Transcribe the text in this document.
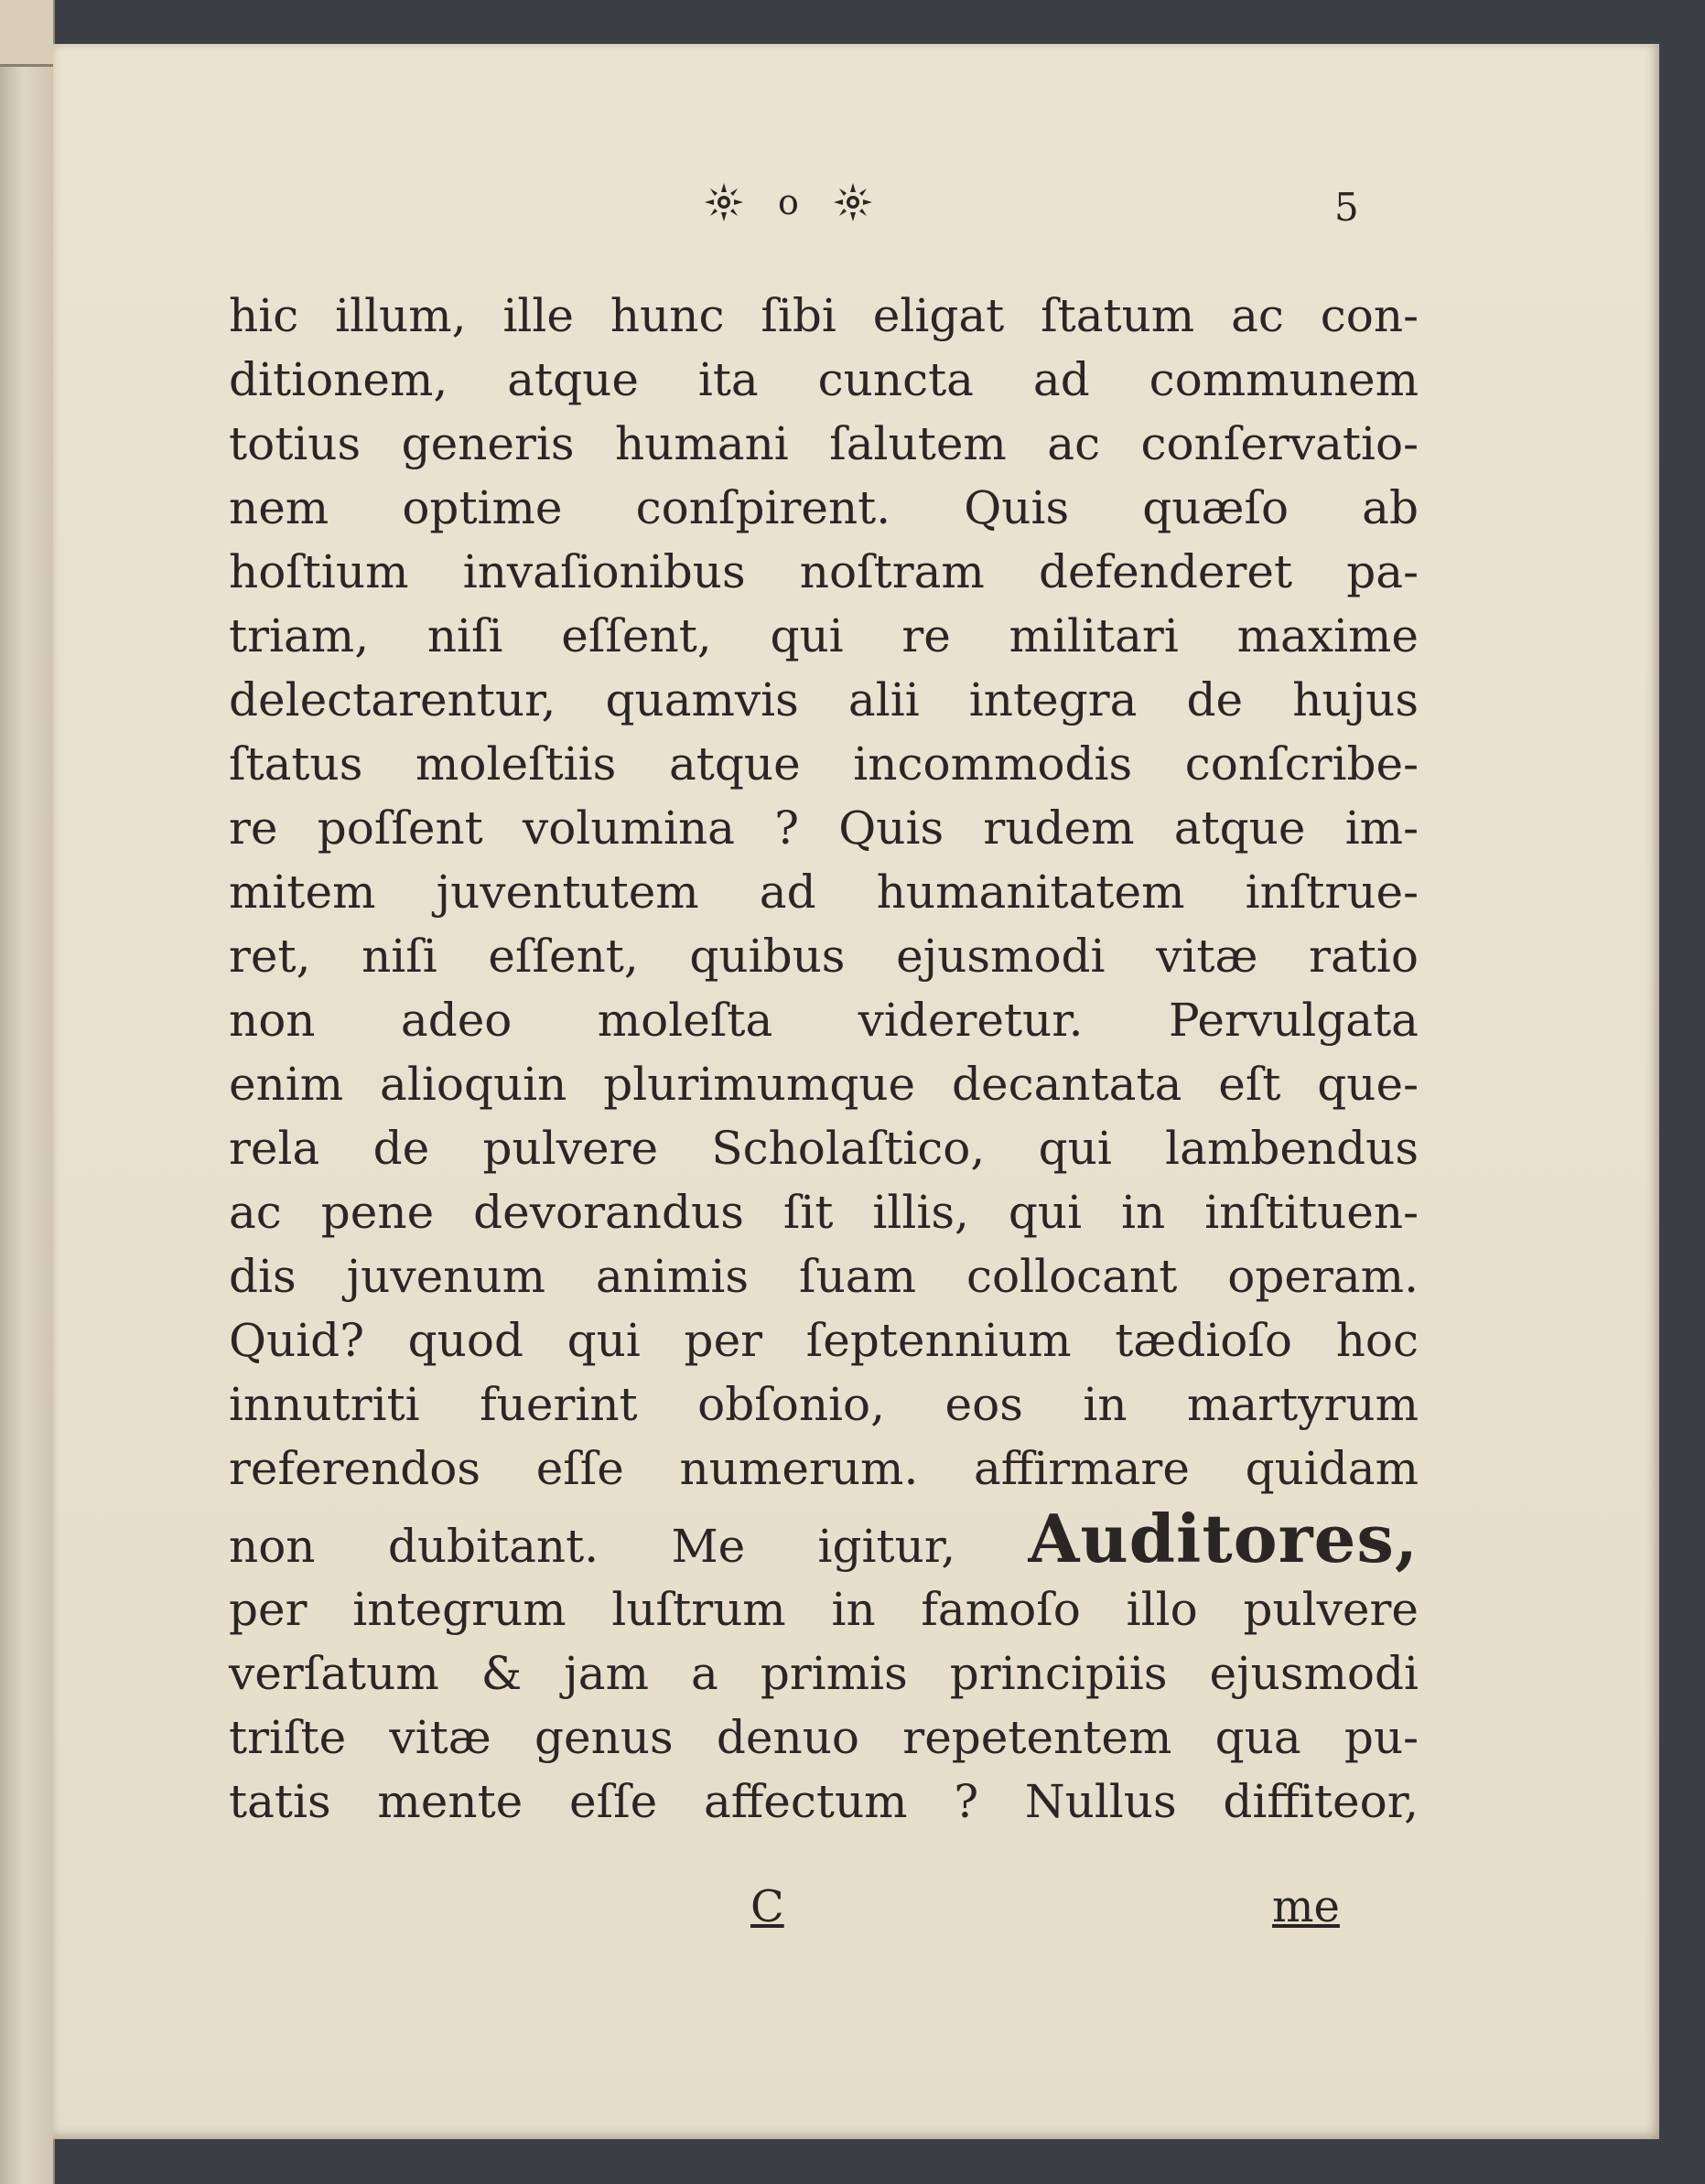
o	5
hic illum, ille hunc ſibi eligat ſtatum ac con-
ditionem, atque ita cuncta ad communem
totius generis humani ſalutem ac conſervatio-
nem optime conſpirent. Quis quæſo ab
hoſtium invaſionibus noſtram defenderet pa-
triam, niſi eſſent, qui re militari maxime
delectarentur, quamvis alii integra de hujus
ſtatus moleſtiis atque incommodis conſcribe-
re poſſent volumina ? Quis rudem atque im-
mitem juventutem ad humanitatem inſtrue-
ret, niſi eſſent, quibus ejusmodi vitæ ratio
non adeo moleſta videretur. Pervulgata
enim alioquin plurimumque decantata eſt que-
rela de pulvere Scholaſtico, qui lambendus
ac pene devorandus ſit illis, qui in inſtituen-
dis juvenum animis ſuam collocant operam.
Quid? quod qui per ſeptennium tædioſo hoc
innutriti fuerint obſonio, eos in martyrum
referendos eſſe numerum. affirmare quidam
non dubitant. Me igitur, Auditores,
per integrum luſtrum in famoſo illo pulvere
verſatum & jam a primis principiis ejusmodi
triſte vitæ genus denuo repetentem qua pu-
tatis mente eſſe affectum ? Nullus diffiteor,
C	me
